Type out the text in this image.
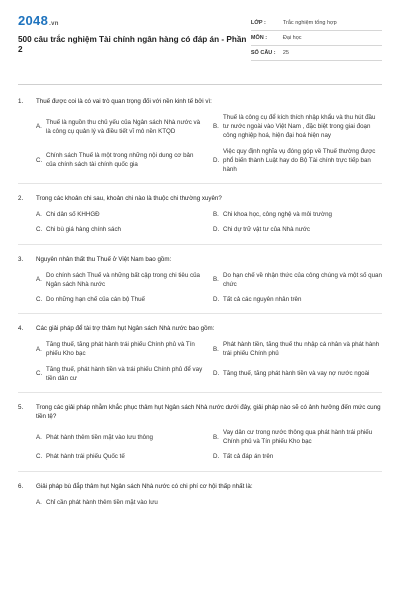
2048 .vn
500 câu trắc nghiệm Tài chính ngân hàng có đáp án - Phần 2
LỚP :	Trắc nghiệm tổng hợp
MÔN :	Đại học
SỐ CÂU :	25
1.	Thuế được coi là có vai trò quan trọng đối với nền kinh tế bởi vì:
A.
Thuế là nguồn thu chủ yếu của Ngân sách Nhà nước và là công cụ quản lý và điều tiết vĩ mô nền KTQD
B.
Thuế là công cụ để kích thích nhập khẩu và thu hút đầu tư nước ngoài vào Việt Nam , đặc biệt trong giai đoạn công nghiệp hoá, hiện đại hoá hiện nay
C.
Chính sách Thuế là một trong những nội dung cơ bản của chính sách tài chính quốc gia
D.
Việc quy định nghĩa vụ đóng góp về Thuế thường được phổ biến thành Luật hay do Bộ Tài chính trực tiếp ban hành
2.	Trong các khoản chi sau, khoản chi nào là thuộc chi thường xuyên?
A. Chi dân số KHHGĐ	B. Chi khoa học, công nghệ và môi trường
C. Chi bù giá hàng chính sách	D. Chi dự trữ vật tư của Nhà nước
3.	Nguyên nhân thất thu Thuế ở Việt Nam bao gồm:
A.
Do chính sách Thuế và những bất cập trong chi tiêu của Ngân sách Nhà nước
B.
Do hạn chế về nhận thức của công chúng và một số quan chức
C. Do những hạn chế của cán bộ Thuế	D. Tất cả các nguyên nhân trên
4.	Các giải pháp để tài trợ thâm hụt Ngân sách Nhà nước bao gồm:
A.
Tăng thuế, tăng phát hành trái phiếu Chính phủ và Tín phiếu Kho bạc
B.
Phát hành tiền, tăng thuế thu nhập cá nhân và phát hành trái phiếu Chính phủ
C.
Tăng thuế, phát hành tiền và trái phiếu Chính phủ để vay tiền dân cư
D. Tăng thuế, tăng phát hành tiền và vay nợ nước ngoài
5.	Trong các giải pháp nhằm khắc phục thâm hụt Ngân sách Nhà nước dưới đây, giải pháp nào sẽ có ảnh hưởng đến mức cung tiền tệ?
A. Phát hành thêm tiền mặt vào lưu thông	B.
Vay dân cư trong nước thông qua phát hành trái phiếu Chính phủ và Tín phiếu Kho bạc
C. Phát hành trái phiếu Quốc tế	D. Tất cả đáp án trên
6.	Giải pháp bù đắp thâm hụt Ngân sách Nhà nước có chi phí cơ hội thấp nhất là:
A. Chỉ cần phát hành thêm tiền mặt vào lưu
